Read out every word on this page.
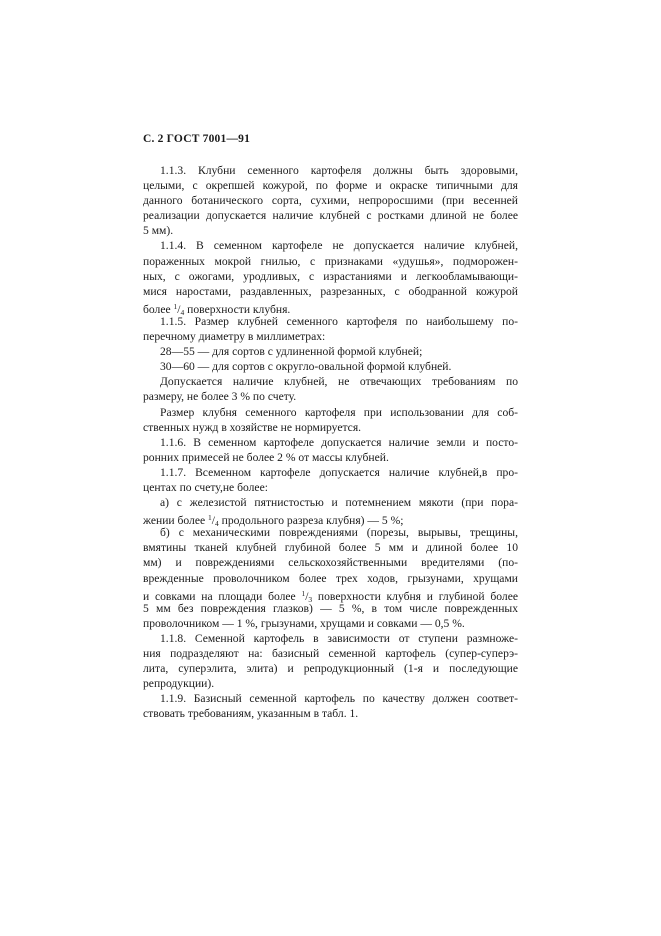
С. 2 ГОСТ 7001—91
1.1.3. Клубни семенного картофеля должны быть здоровыми,
целыми, с окрепшей кожурой, по форме и окраске типичными для
данного ботанического сорта, сухими, непроросшими (при весенней
реализации допускается наличие клубней с ростками длиной не более
5 мм).
1.1.4. В семенном картофеле не допускается наличие клубней,
пораженных мокрой гнилью, с признаками «удушья», подморожен-
ных, с ожогами, уродливых, с израстаниями и легкообламывающи-
мися наростами, раздавленных, разрезанных, с ободранной кожурой
более $^1/_4$ поверхности клубня.
1.1.5. Размер клубней семенного картофеля по наибольшему по-
перечному диаметру в миллиметрах:
28—55 — для сортов с удлиненной формой клубней;
30—60 — для сортов с округло-овальной формой клубней.
Допускается наличие клубней, не отвечающих требованиям по
размеру, не более 3 % по счету.
Размер клубня семенного картофеля при использовании для соб-
ственных нужд в хозяйстве не нормируется.
1.1.6. В семенном картофеле допускается наличие земли и посто-
ронних примесей не более 2 % от массы клубней.
1.1.7. Всеменном картофеле допускается наличие клубней,в про-
центах по счету,не более:
а) с железистой пятнистостью и потемнением мякоти (при пора-
жении более $^1/_4$ продольного разреза клубня) — 5 %;
б) с механическими повреждениями (порезы, вырывы, трещины,
вмятины тканей клубней глубиной более 5 мм и длиной более 10
мм) и повреждениями сельскохозяйственными вредителями (по-
врежденные проволочником более трех ходов, грызунами, хрущами
и совками на площади более $^1/_3$ поверхности клубня и глубиной более
5 мм без повреждения глазков) — 5 %, в том числе поврежденных
проволочником — 1 %, грызунами, хрущами и совками — 0,5 %.
1.1.8. Семенной картофель в зависимости от ступени размноже-
ния подразделяют на: базисный семенной картофель (супер-суперэ-
лита, суперэлита, элита) и репродукционный (1-я и последующие
репродукции).
1.1.9. Базисный семенной картофель по качеству должен соответ-
ствовать требованиям, указанным в табл. 1.
